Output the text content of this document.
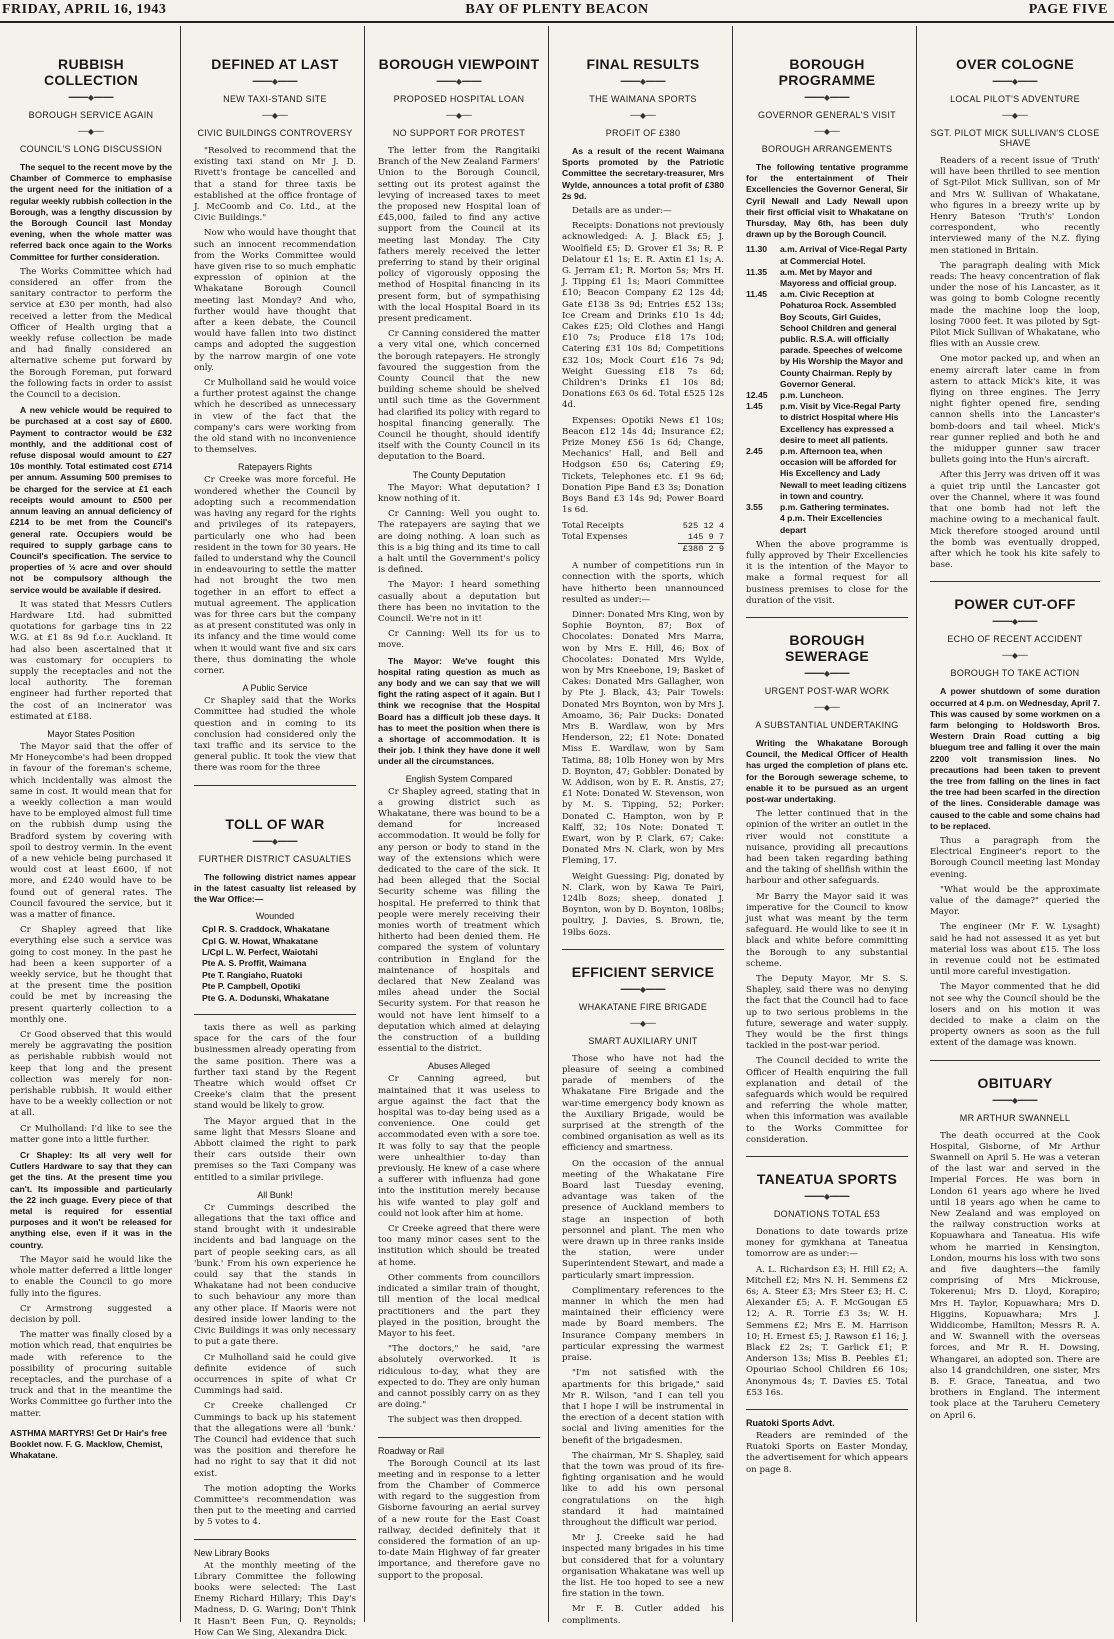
BAY OF PLENTY BEACON
FRIDAY, APRIL 16, 1943	PAGE FIVE
RUBBISH COLLECTION
━━━━◆━━━━
BOROUGH SERVICE AGAIN
──◆──
COUNCIL'S LONG DISCUSSION

The sequel to the recent move by the Chamber of Commerce to emphasise the urgent need for the initiation of a regular weekly rubbish collection in the Borough, was a lengthy discussion by the Borough Council last Monday evening, when the whole matter was referred back once again to the Works Committee for further consideration.

The Works Committee which had considered an offer from the sanitary contractor to perform the service at £30 per month, had also received a letter from the Medical Officer of Health urging that a weekly refuse collection be made and had finally considered an alternative scheme put forward by the Borough Foreman, put forward the following facts in order to assist the Council to a decision.

A new vehicle would be required to be purchased at a cost say of £600. Payment to contractor would be £32 monthly, and the additional cost of refuse disposal would amount to £27 10s monthly. Total estimated cost £714 per annum. Assuming 500 premises to be charged for the service at £1 each receipts would amount to £500 per annum leaving an annual deficiency of £214 to be met from the Council's general rate. Occupiers would be required to supply garbage cans to Council's specification. The service to properties of ½ acre and over should not be compulsory although the service would be available if desired.

It was stated that Messrs Cutlers Hardware Ltd. had submitted quotations for garbage tins in 22 W.G. at £1 8s 9d f.o.r. Auckland. It had also been ascertained that it was customary for occupiers to supply the receptacles and not the local authority. The foreman engineer had further reported that the cost of an incinerator was estimated at £188.

Mayor States Position

The Mayor said that the offer of Mr Honeycombe's had been dropped in favour of the foreman's scheme, which incidentally was almost the same in cost. It would mean that for a weekly collection a man would have to be employed almost full time on the rubbish dump using the Bradford system by covering with spoil to destroy vermin. In the event of a new vehicle being purchased it would cost at least £600, if not more, and £240 would have to be found out of general rates. The Council favoured the service, but it was a matter of finance.

Cr Shapley agreed that like everything else such a service was going to cost money. In the past he had been a keen supporter of a weekly service, but he thought that at the present time the position could be met by increasing the present quarterly collection to a monthly one.

Cr Good observed that this would merely be aggravating the position as perishable rubbish would not keep that long and the present collection was merely for non-perishable rubbish. It would either have to be a weekly collection or not at all.

Cr Mulholland: I'd like to see the matter gone into a little further.

Cr Shapley: Its all very well for Cutlers Hardware to say that they can get the tins. At the present time you can't. Its impossible and particularly the 22 inch guage. Every piece of that metal is required for essential purposes and it won't be released for anything else, even if it was in the country.

The Mayor said he would like the whole matter deferred a little longer to enable the Council to go more fully into the figures.

Cr Armstrong suggested a decision by poll.

The matter was finally closed by a motion which read, that enquiries be made with reference to the possibility of procuring suitable receptacles, and the purchase of a truck and that in the meantime the Works Committee go further into the matter.

ASTHMA MARTYRS! Get Dr Hair's free Booklet now. F. G. Macklow, Chemist, Whakatane.
DEFINED AT LAST
━━━━◆━━━━
NEW TAXI-STAND SITE
──◆──
CIVIC BUILDINGS CONTROVERSY

"Resolved to recommend that the existing taxi stand on Mr J. D. Rivett's frontage be cancelled and that a stand for three taxis be established at the office frontage of J. McCoomb and Co. Ltd., at the Civic Buildings."

Now who would have thought that such an innocent recommendation from the Works Committee would have given rise to so much emphatic expression of opinion at the Whakatane Borough Council meeting last Monday? And who, further would have thought that after a keen debate, the Council would have fallen into two distinct camps and adopted the suggestion by the narrow margin of one vote only.

Cr Mulholland said he would voice a further protest against the change which he described as unnecessary in view of the fact that the company's cars were working from the old stand with no inconvenience to themselves.

Ratepayers Rights

Cr Creeke was more forceful. He wondered whether the Council by adopting such a recommendation was having any regard for the rights and privileges of its ratepayers, particularly one who had been resident in the town for 30 years. He failed to understand why the Council in endeavouring to settle the matter had not brought the two men together in an effort to effect a mutual agreement. The application was for three cars but the company as at present constituted was only in its infancy and the time would come when it would want five and six cars there, thus dominating the whole corner.

A Public Service

Cr Shapley said that the Works Committee had studied the whole question and in coming to its conclusion had considered only the taxi traffic and its service to the general public. It took the view that there was room for the three

TOLL OF WAR
━━━━◆━━━━
FURTHER DISTRICT CASUALTIES

The following district names appear in the latest casualty list released by the War Office:—

Wounded
Cpl R. S. Craddock, Whakatane
Cpl G. W. Howat, Whakatane
L/Cpl L. W. Perfect, Waiotahi
Pte A. S. Proffit, Waimana
Pte T. Rangiaho, Ruatoki
Pte P. Campbell, Opotiki
Pte G. A. Dodunski, Whakatane

taxis there as well as parking space for the cars of the four businessmen already operating from the same position. There was a further taxi stand by the Regent Theatre which would offset Cr Creeke's claim that the present stand would be likely to grow.

The Mayor argued that in the same light that Messrs Sloane and Abbott claimed the right to park their cars outside their own premises so the Taxi Company was entitled to a similar privilege.

All Bunk!

Cr Cummings described the allegations that the taxi office and stand brought with it undesirable incidents and bad language on the part of people seeking cars, as all 'bunk.' From his own experience he could say that the stands in Whakatane had not been conducive to such behaviour any more than any other place. If Maoris were not desired inside lower landing to the Civic Buildings it was only necessary to put a gate there.

Cr Mulholland said he could give definite evidence of such occurrences in spite of what Cr Cummings had said.

Cr Creeke challenged Cr Cummings to back up his statement that the allegations were all 'bunk.' The Council had evidence that such was the position and therefore he had no right to say that it did not exist.

The motion adopting the Works Committee's recommendation was then put to the meeting and carried by 5 votes to 4.

New Library Books

At the monthly meeting of the Library Committee the following books were selected: The Last Enemy Richard Hillary; This Day's Madness, D. G. Waring; Don't Think It Hasn't Been Fun, Q. Reynolds; How Can We Sing, Alexandra Dick.

BOROUGH VIEWPOINT
━━━━◆━━━━
PROPOSED HOSPITAL LOAN
──◆──
NO SUPPORT FOR PROTEST

The letter from the Rangitaiki Branch of the New Zealand Farmers' Union to the Borough Council, setting out its protest against the levying of increased taxes to meet the proposed new Hospital loan of £45,000, failed to find any active support from the Council at its meeting last Monday. The City fathers merely received the letter preferring to stand by their original policy of vigorously opposing the method of Hospital financing in its present form, but of sympathising with the local Hospital Board in its present predicament.

Cr Canning considered the matter a very vital one, which concerned the borough ratepayers. He strongly favoured the suggestion from the County Council that the new building scheme should be shelved until such time as the Government had clarified its policy with regard to hospital financing generally. The Council he thought, should identify itself with the County Council in its deputation to the Board.

The County Deputation

The Mayor: What deputation? I know nothing of it.

Cr Canning: Well you ought to. The ratepayers are saying that we are doing nothing. A loan such as this is a big thing and its time to call a halt until the Government's policy is defined.

The Mayor: I heard something casually about a deputation but there has been no invitation to the Council. We're not in it!

Cr Canning: Well its for us to move.

The Mayor: We've fought this hospital rating question as much as any body and we can say that we will fight the rating aspect of it again. But I think we recognise that the Hospital Board has a difficult job these days. It has to meet the position when there is a shortage of accommodation. It is their job. I think they have done it well under all the circumstances.

English System Compared

Cr Shapley agreed, stating that in a growing district such as Whakatane, there was bound to be a demand for increased accommodation. It would be folly for any person or body to stand in the way of the extensions which were dedicated to the care of the sick. It had been alleged that the Social Security scheme was filling the hospital. He preferred to think that people were merely receiving their monies worth of treatment which hitherto had been denied them. He compared the system of voluntary contribution in England for the maintenance of hospitals and declared that New Zealand was miles ahead under the Social Security system. For that reason he would not have lent himself to a deputation which aimed at delaying the construction of a building essential to the district.

Abuses Alleged

Cr Canning agreed, but maintained that it was useless to argue against the fact that the hospital was to-day being used as a convenience. One could get accommodated even with a sore toe. It was folly to say that the people were unhealthier to-day than previously. He knew of a case where a sufferer with influenza had gone into the institution merely because his wife wanted to play golf and could not look after him at home.

Cr Creeke agreed that there were too many minor cases sent to the institution which should be treated at home.

Other comments from councillors indicated a similar train of thought, till mention of the local medical practitioners and the part they played in the position, brought the Mayor to his feet.

"The doctors," he said, "are absolutely overworked. It is ridiculous to-day, what they are expected to do. They are only human and cannot possibly carry on as they are doing."

The subject was then dropped.

Roadway or Rail

The Borough Council at its last meeting and in response to a letter from the Chamber of Commerce with regard to the suggestion from Gisborne favouring an aerial survey of a new route for the East Coast railway, decided definitely that it considered the formation of an up-to-date Main Highway of far greater importance, and therefore gave no support to the proposal.

FINAL RESULTS
━━━━◆━━━━
THE WAIMANA SPORTS
──◆──
PROFIT OF £380

As a result of the recent Waimana Sports promoted by the Patriotic Committee the secretary-treasurer, Mrs Wylde, announces a total profit of £380 2s 9d.

Details are as under:—

Receipts: Donations not previously acknowledged: A. J. Black £5; J. Woolfield £5; D. Grover £1 3s; R. P. Delatour £1 1s; E. R. Axtin £1 1s; A. G. Jerram £1; R. Morton 5s; Mrs H. J. Tipping £1 1s; Maori Committee £10; Beacon Company £2 12s 4d; Gate £138 3s 9d; Entries £52 13s; Ice Cream and Drinks £10 1s 4d; Cakes £25; Old Clothes and Hangi £10 7s; Produce £18 17s 10d; Catering £31 10s 8d; Competitions £32 10s; Mock Court £16 7s 9d; Weight Guessing £18 7s 6d; Children's Drinks £1 10s 8d; Donations £63 0s 6d. Total £525 12s 4d.

Expenses: Opotiki News £1 10s; Beacon £12 14s 4d; Insurance £2; Prize Money £56 1s 6d; Change, Mechanics' Hall, and Bell and Hodgson £50 6s; Catering £9; Tickets, Telephones etc. £1 9s 6d; Donation Pipe Band £3 3s; Donation Boys Band £3 14s 9d; Power Board 1s 6d.

Total Receipts	525 12 4
Total Expenses	145 9 7
£380 2 9

A number of competitions run in connection with the sports, which have hitherto been unannounced resulted as under:—

Dinner: Donated Mrs King, won by Sophie Boynton, 87; Box of Chocolates: Donated Mrs Marra, won by Mrs E. Hill, 46; Box of Chocolates: Donated Mrs Wylde, won by Mrs Kneebone, 19; Basket of Cakes: Donated Mrs Gallagher, won by Pte J. Black, 43; Pair Towels: Donated Mrs Boynton, won by Mrs J. Amoamo, 36; Pair Ducks: Donated Mrs B. Wardlaw, won by Mrs Henderson, 22; £1 Note: Donated Miss E. Wardlaw, won by Sam Tatima, 88; 10lb Honey won by Mrs D. Boynton, 47; Gobbler: Donated by W. Addison, won by E. R. Anstis, 27; £1 Note: Donated W. Stevenson, won by M. S. Tipping, 52; Porker: Donated C. Hampton, won by P. Kalff, 32; 10s Note: Donated T. Ewart, won by P. Clark, 67; Cake: Donated Mrs N. Clark, won by Mrs Fleming, 17.

Weight Guessing: Pig, donated by N. Clark, won by Kawa Te Pairi, 124lb 8ozs; sheep, donated J. Boynton, won by D. Boynton, 108lbs; poultry, J. Davies, S. Brown, tie, 19lbs 6ozs.

EFFICIENT SERVICE
━━━━◆━━━━
WHAKATANE FIRE BRIGADE
──◆──
SMART AUXILIARY UNIT

Those who have not had the pleasure of seeing a combined parade of members of the Whakatane Fire Brigade and the war-time emergency body known as the Auxiliary Brigade, would be surprised at the strength of the combined organisation as well as its efficiency and smartness.

On the occasion of the annual meeting of the Whakatane Fire Board last Tuesday evening, advantage was taken of the presence of Auckland members to stage an inspection of both personnel and plant. The men who were drawn up in three ranks inside the station, were under Superintendent Stewart, and made a particularly smart impression.

Complimentary references to the manner in which the men had maintained their efficiency were made by Board members. The Insurance Company members in particular expressing the warmest praise.

"I'm not satisfied with the apartments for this brigade," said Mr R. Wilson, "and I can tell you that I hope I will be instrumental in the erection of a decent station with social and living amenities for the benefit of the brigadesmen.

The chairman, Mr S. Shapley, said that the town was proud of its fire-fighting organisation and he would like to add his own personal congratulations on the high standard it had maintained throughout the difficult war period.

Mr J. Creeke said he had inspected many brigades in his time but considered that for a voluntary organisation Whakatane was well up the list. He too hoped to see a new fire station in the town.

Mr F. B. Cutler added his compliments.

BOROUGH PROGRAMME
━━━━◆━━━━
GOVERNOR GENERAL'S VISIT
──◆──
BOROUGH ARRANGEMENTS

The following tentative programme for the entertainment of Their Excellencies the Governor General, Sir Cyril Newall and Lady Newall upon their first official visit to Whakatane on Thursday, May 6th, has been duly drawn up by the Borough Council.

11.30	a.m. Arrival of Vice-Regal Party at Commercial Hotel.
11.35	a.m. Met by Mayor and Mayoress and official group.
11.45	a.m. Civic Reception at Pohaturoa Rock. Assembled Boy Scouts, Girl Guides, School Children and general public. R.S.A. will officially parade. Speeches of welcome by His Worship the Mayor and County Chairman. Reply by Governor General.
12.45	p.m. Luncheon.
1.45	p.m. Visit by Vice-Regal Party to district Hospital where His Excellency has expressed a desire to meet all patients.
2.45	p.m. Afternoon tea, when occasion will be afforded for His Excellency and Lady Newall to meet leading citizens in town and country.
3.55	p.m. Gathering terminates.
4 p.m. Their Excellencies depart

When the above programme is fully approved by Their Excellencies it is the intention of the Mayor to make a formal request for all business premises to close for the duration of the visit.

BOROUGH SEWERAGE
━━━━◆━━━━
URGENT POST-WAR WORK
──◆──
A SUBSTANTIAL UNDERTAKING

Writing the Whakatane Borough Council, the Medical Officer of Health has urged the completion of plans etc. for the Borough sewerage scheme, to enable it to be pursued as an urgent post-war undertaking.

The letter continued that in the opinion of the writer an outlet in the river would not constitute a nuisance, providing all precautions had been taken regarding bathing and the taking of shellfish within the harbour and other safeguards.

Mr Barry the Mayor said it was imperative for the Council to know just what was meant by the term safeguard. He would like to see it in black and white before committing the Borough to any substantial scheme.

The Deputy Mayor, Mr S. S. Shapley, said there was no denying the fact that the Council had to face up to two serious problems in the future, sewerage and water supply. They would be the first things tackled in the post-war period.

The Council decided to write the Officer of Health enquiring the full explanation and detail of the safeguards which would be required and referring the whole matter, when this information was available to the Works Committee for consideration.

TANEATUA SPORTS
━━━━◆━━━━
DONATIONS TOTAL £53

Donations to date towards prize money for gymkhana at Taneatua tomorrow are as under:—

A. L. Richardson £3; H. Hill £2; A. Mitchell £2; Mrs N. H. Semmens £2 6s; A. Steer £3; Mrs Steer £3; H. C. Alexander £5; A. F. McGougan £5 12; A. R. Torrie £3 3s; W. H. Semmens £2; Mrs E. M. Harrison 10; H. Ernest £5; J. Rawson £1 16; J. Black £2 2s; T. Garlick £1; P. Anderson 13s; Miss B. Peebles £1; Opouriao School Children £6 10s; Anonymous 4s; T. Davies £5. Total £53 16s.

Ruatoki Sports Advt.

Readers are reminded of the Ruatoki Sports on Easter Monday, the advertisement for which appears on page 8.

OVER COLOGNE
━━━━◆━━━━
LOCAL PILOT'S ADVENTURE
──◆──
SGT. PILOT MICK SULLIVAN'S CLOSE SHAVE

Readers of a recent issue of 'Truth' will have been thrilled to see mention of Sgt-Pilot Mick Sullivan, son of Mr and Mrs W. Sullivan of Whakatane, who figures in a breezy write up by Henry Bateson 'Truth's' London correspondent, who recently interviewed many of the N.Z. flying men stationed in Britain.

The paragraph dealing with Mick reads: The heavy concentration of flak under the nose of his Lancaster, as it was going to bomb Cologne recently made the machine loop the loop, losing 7000 feet. It was piloted by Sgt-Pilot Mick Sullivan of Whakatane, who flies with an Aussie crew.

One motor packed up, and when an enemy aircraft later came in from astern to attack Mick's kite, it was flying on three engines. The Jerry night fighter opened fire, sending cannon shells into the Lancaster's bomb-doors and tail wheel. Mick's rear gunner replied and both he and the midupper gunner saw tracer bullets going into the Hun's aircraft.

After this Jerry was driven off it was a quiet trip until the Lancaster got over the Channel, where it was found that one bomb had not left the machine owing to a mechanical fault. Mick therefore stooged around until the bomb was eventually dropped, after which he took his kite safely to base.

POWER CUT-OFF
━━━━◆━━━━
ECHO OF RECENT ACCIDENT
──◆──
BOROUGH TO TAKE ACTION

A power shutdown of some duration occurred at 4 p.m. on Wednesday, April 7. This was caused by some workmen on a farm belonging to Holdsworth Bros. Western Drain Road cutting a big bluegum tree and falling it over the main 2200 volt transmission lines. No precautions had been taken to prevent the tree from falling on the lines in fact the tree had been scarfed in the direction of the lines. Considerable damage was caused to the cable and some chains had to be replaced.

Thus a paragraph from the Electrical Engineer's report to the Borough Council meeting last Monday evening.

"What would be the approximate value of the damage?" queried the Mayor.

The engineer (Mr F. W. Lysaght) said he had not assessed it as yet but material loss was about £15. The loss in revenue could not be estimated until more careful investigation.

The Mayor commented that he did not see why the Council should be the losers and on his motion it was decided to make a claim on the property owners as soon as the full extent of the damage was known.

OBITUARY
━━━━◆━━━━
MR ARTHUR SWANNELL

The death occurred at the Cook Hospital, Gisborne, of Mr Arthur Swannell on April 5. He was a veteran of the last war and served in the Imperial Forces. He was born in London 61 years ago where he lived until 18 years ago when he came to New Zealand and was employed on the railway construction works at Kopuawhara and Taneatua. His wife whom he married in Kensington, London, mourns his loss with two sons and five daughters—the family comprising of Mrs Mickrouse, Tokerenui; Mrs D. Lloyd, Korapiro; Mrs H. Taylor, Kopuawhara; Mrs D. Higgins, Kopuawhara; Mrs J. Widdicombe, Hamilton; Messrs R. A. and W. Swannell with the overseas forces, and Mr R. H. Dowsing, Whangarei, an adopted son. There are also 14 grandchildren, one sister, Mrs B. F. Grace, Taneatua, and two brothers in England. The interment took place at the Taruheru Cemetery on April 6.
